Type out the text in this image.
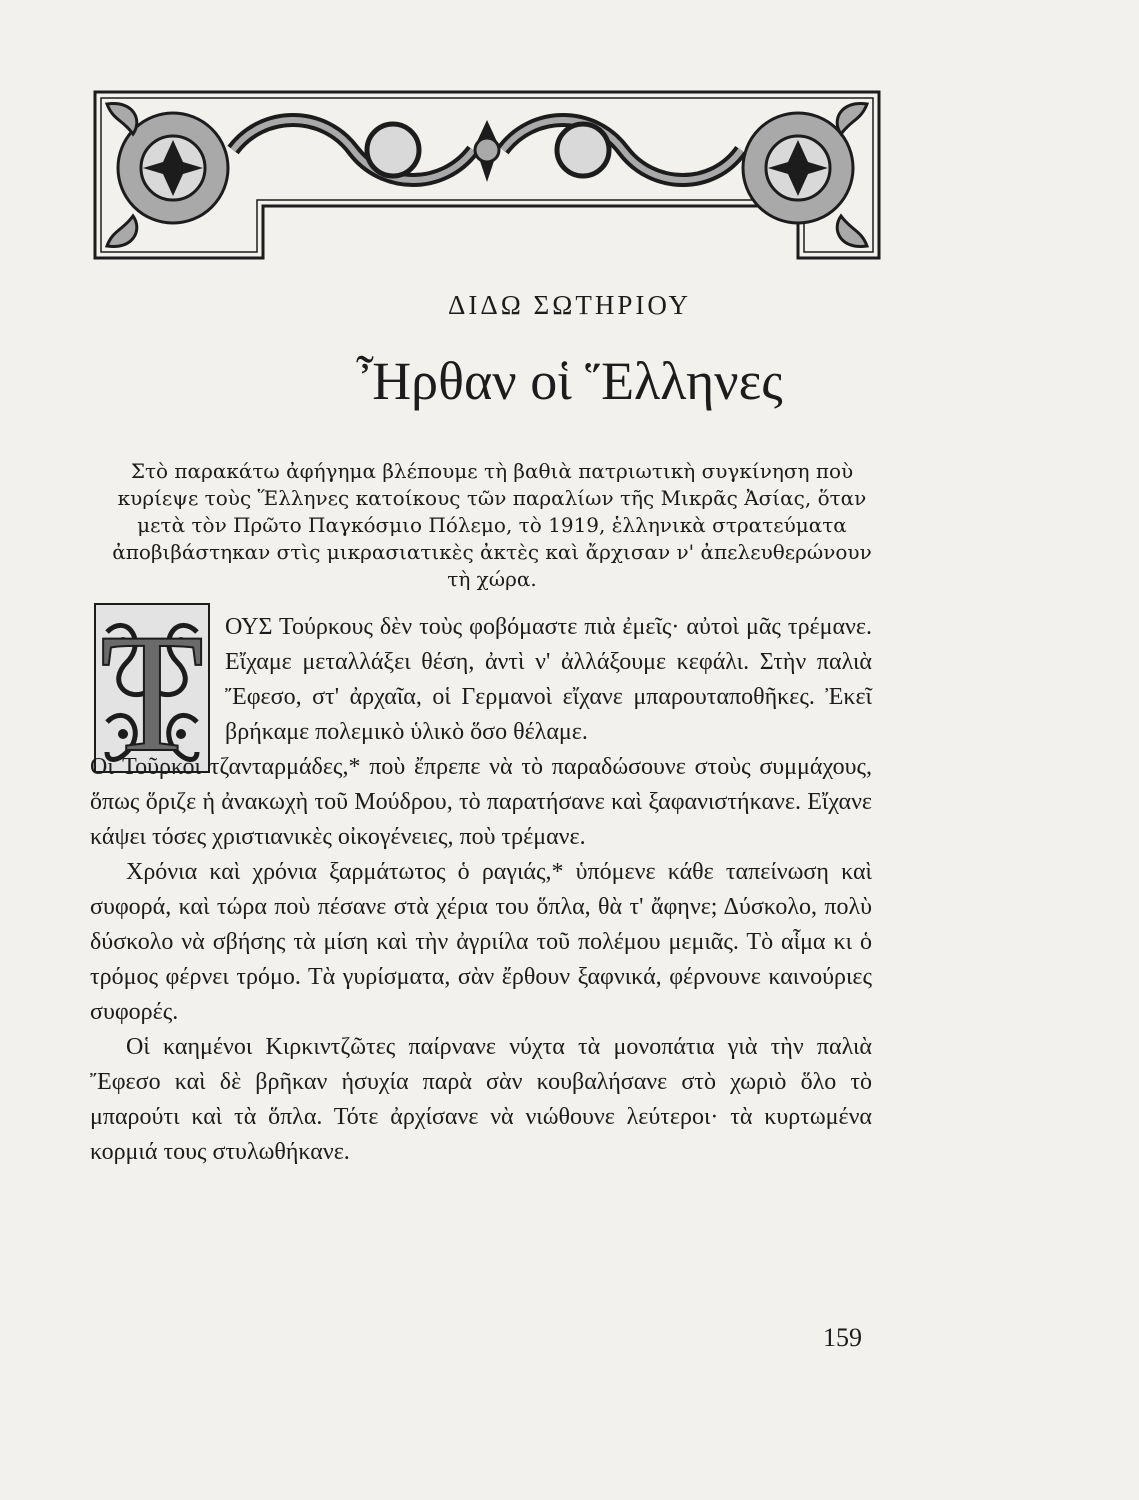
ΔΙΔΩ ΣΩΤΗΡΙΟΥ
Ἦρθαν οἱ Ἕλληνες
Στὸ παρακάτω ἀφήγημα βλέπουμε τὴ βαθιὰ πατριωτικὴ συγκίνηση ποὺ κυρίεψε τοὺς Ἕλληνες κατοίκους τῶν παραλίων τῆς Μικρᾶς Ἀσίας, ὅταν μετὰ τὸν Πρῶτο Παγκόσμιο Πόλεμο, τὸ 1919, ἑλληνικὰ στρατεύματα ἀποβιβάστηκαν στὶς μικρασιατικὲς ἀκτὲς καὶ ἄρχισαν ν' ἀπελευθερώνουν τὴ χώρα.
Τ ΟΥΣ Τούρκους δὲν τοὺς φοβόμαστε πιὰ ἐμεῖς· αὐτοὶ μᾶς τρέμανε. Εἴχαμε μεταλλάξει θέση, ἀντὶ ν' ἀλλάξουμε κεφάλι. Στὴν παλιὰ Ἔφεσο, στ' ἀρχαῖα, οἱ Γερμανοὶ εἴχανε μπαρουταποθῆκες. Ἐκεῖ βρήκαμε πολεμικὸ ὑλικὸ ὅσο θέλαμε.
Οἱ Τοῦρκοι τζανταρμάδες,* ποὺ ἔπρεπε νὰ τὸ παραδώσουνε στοὺς συμμάχους, ὅπως ὅριζε ἡ ἀνακωχὴ τοῦ Μούδρου, τὸ παρατήσανε καὶ ξαφανιστήκανε. Εἴχανε κάψει τόσες χριστιανικὲς οἰκογένειες, ποὺ τρέμανε.

Χρόνια καὶ χρόνια ξαρμάτωτος ὁ ραγιάς,* ὑπόμενε κάθε ταπείνωση καὶ συφορά, καὶ τώρα ποὺ πέσανε στὰ χέρια του ὅπλα, θὰ τ' ἄφηνε; Δύσκολο, πολὺ δύσκολο νὰ σβήσης τὰ μίση καὶ τὴν ἀγριίλα τοῦ πολέμου μεμιᾶς. Τὸ αἷμα κι ὁ τρόμος φέρνει τρόμο. Τὰ γυρίσματα, σὰν ἔρθουν ξαφνικά, φέρνουνε καινούριες συφορές.

Οἱ καημένοι Κιρκιντζῶτες παίρνανε νύχτα τὰ μονοπάτια γιὰ τὴν παλιὰ Ἔφεσο καὶ δὲ βρῆκαν ἡσυχία παρὰ σὰν κουβαλήσανε στὸ χωριὸ ὅλο τὸ μπαρούτι καὶ τὰ ὅπλα. Τότε ἀρχίσανε νὰ νιώθουνε λεύτεροι· τὰ κυρτωμένα κορμιά τους στυλωθήκανε.

159
